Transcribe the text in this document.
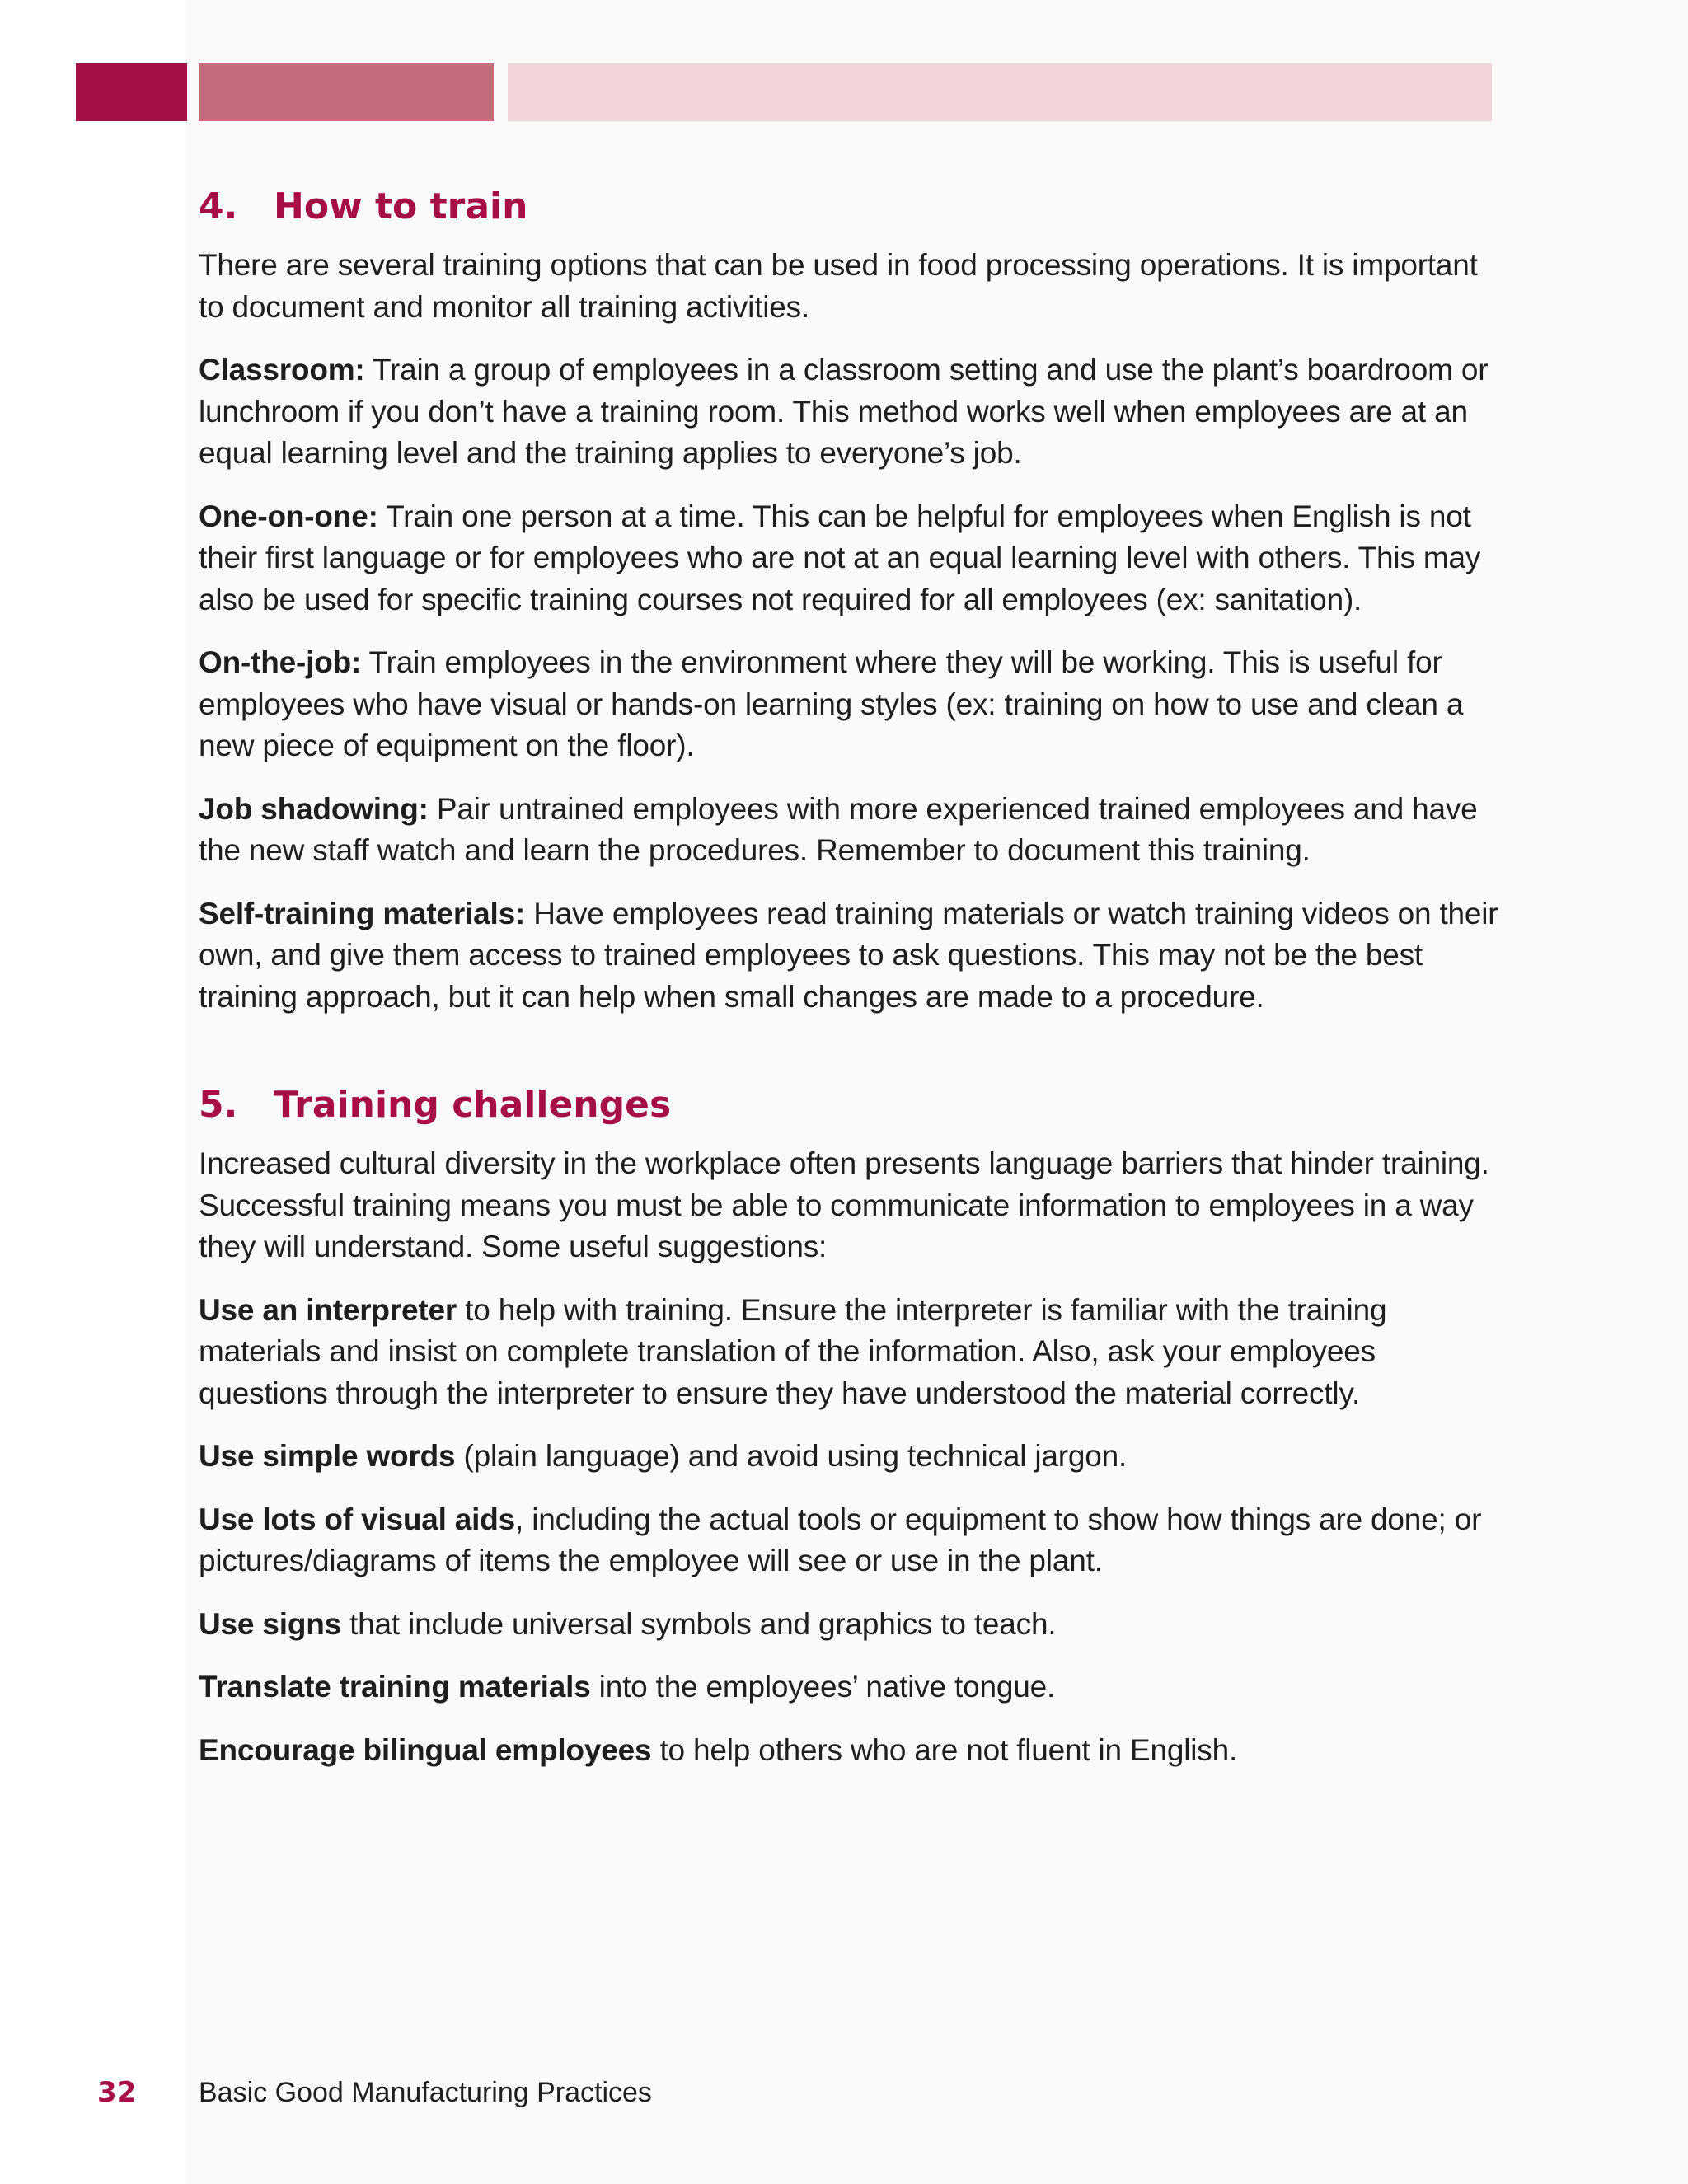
4. How to train

There are several training options that can be used in food processing operations. It is important to document and monitor all training activities.

Classroom: Train a group of employees in a classroom setting and use the plant’s boardroom or lunchroom if you don’t have a training room. This method works well when employees are at an equal learning level and the training applies to everyone’s job.

One-on-one: Train one person at a time. This can be helpful for employees when English is not their first language or for employees who are not at an equal learning level with others. This may also be used for specific training courses not required for all employees (ex: sanitation).

On-the-job: Train employees in the environment where they will be working. This is useful for employees who have visual or hands-on learning styles (ex: training on how to use and clean a new piece of equipment on the floor).

Job shadowing: Pair untrained employees with more experienced trained employees and have the new staff watch and learn the procedures. Remember to document this training.

Self-training materials: Have employees read training materials or watch training videos on their own, and give them access to trained employees to ask questions. This may not be the best training approach, but it can help when small changes are made to a procedure.

5. Training challenges

Increased cultural diversity in the workplace often presents language barriers that hinder training. Successful training means you must be able to communicate information to employees in a way they will understand. Some useful suggestions:

Use an interpreter to help with training. Ensure the interpreter is familiar with the training materials and insist on complete translation of the information. Also, ask your employees questions through the interpreter to ensure they have understood the material correctly.

Use simple words (plain language) and avoid using technical jargon.

Use lots of visual aids, including the actual tools or equipment to show how things are done; or pictures/diagrams of items the employee will see or use in the plant.

Use signs that include universal symbols and graphics to teach.

Translate training materials into the employees’ native tongue.

Encourage bilingual employees to help others who are not fluent in English.

32 Basic Good Manufacturing Practices
